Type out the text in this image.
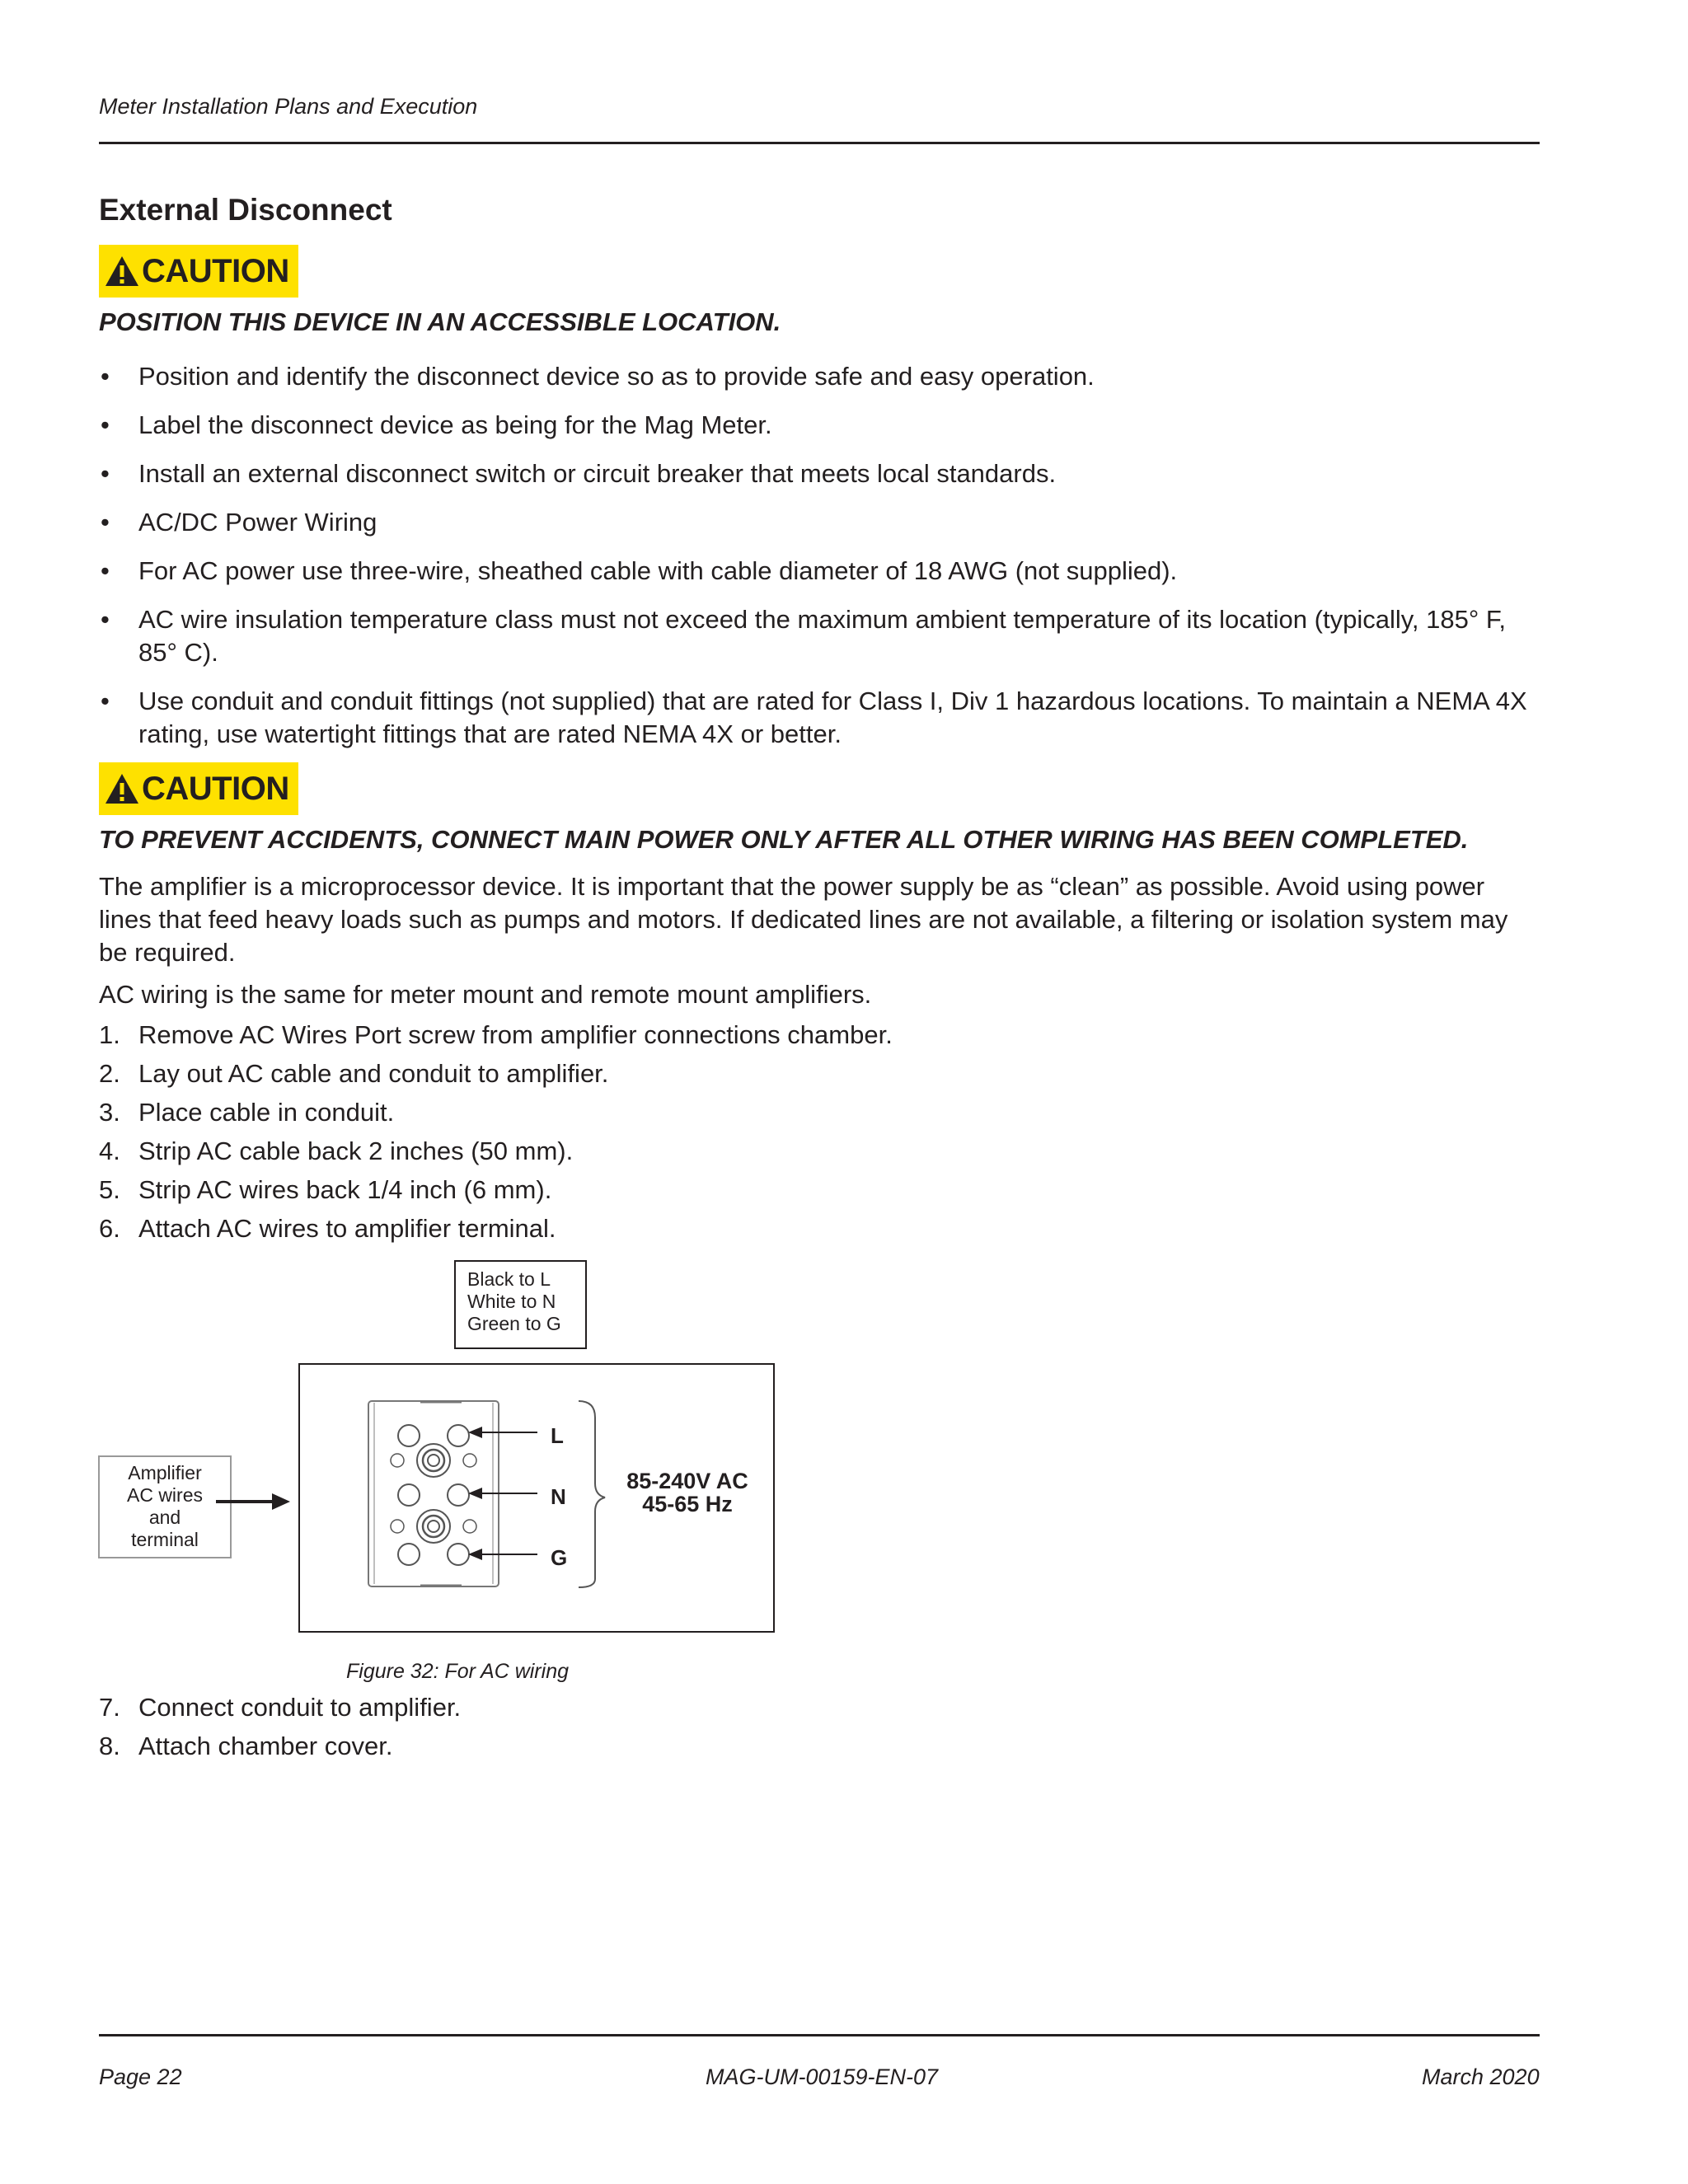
Meter Installation Plans and Execution
External Disconnect
CAUTION
POSITION THIS DEVICE IN AN ACCESSIBLE LOCATION.
• Position and identify the disconnect device so as to provide safe and easy operation.
• Label the disconnect device as being for the Mag Meter.
• Install an external disconnect switch or circuit breaker that meets local standards.
• AC/DC Power Wiring
• For AC power use three-wire, sheathed cable with cable diameter of 18 AWG (not supplied).
• AC wire insulation temperature class must not exceed the maximum ambient temperature of its location (typically, 185° F, 85° C).
• Use conduit and conduit fittings (not supplied) that are rated for Class I, Div 1 hazardous locations. To maintain a NEMA 4X rating, use watertight fittings that are rated NEMA 4X or better.
CAUTION
TO PREVENT ACCIDENTS, CONNECT MAIN POWER ONLY AFTER ALL OTHER WIRING HAS BEEN COMPLETED.
The amplifier is a microprocessor device. It is important that the power supply be as “clean” as possible. Avoid using power lines that feed heavy loads such as pumps and motors. If dedicated lines are not available, a filtering or isolation system may be required.
AC wiring is the same for meter mount and remote mount amplifiers.
1. Remove AC Wires Port screw from amplifier connections chamber.
2. Lay out AC cable and conduit to amplifier.
3. Place cable in conduit.
4. Strip AC cable back 2 inches (50 mm).
5. Strip AC wires back 1/4 inch (6 mm).
6. Attach AC wires to amplifier terminal.
Black to L
White to N
Green to G
Amplifier
AC wires
and
terminal
L
N
G
85-240V AC
45-65 Hz
Figure 32: For AC wiring
7. Connect conduit to amplifier.
8. Attach chamber cover.
Page 22	MAG-UM-00159-EN-07	March 2020
